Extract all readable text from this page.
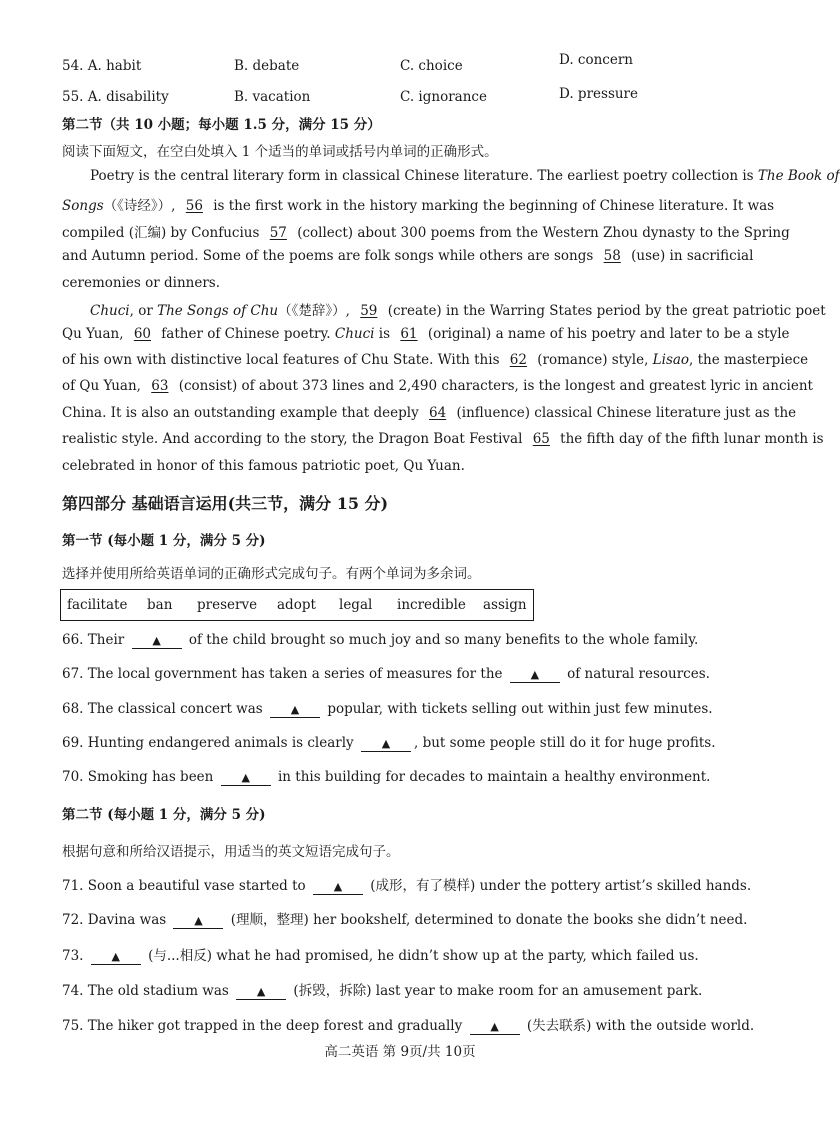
54. A. habit	B. debate	C. choice	D. concern
55. A. disability	B. vacation	C. ignorance	D. pressure
第二节（共 10 小题；每小题 1.5 分，满分 15 分）
阅读下面短文，在空白处填入 1 个适当的单词或括号内单词的正确形式。
Poetry is the central literary form in classical Chinese literature. The earliest poetry collection is The Book of
Songs（《诗经》）, 56 is the first work in the history marking the beginning of Chinese literature. It was
compiled (汇编) by Confucius 57 (collect) about 300 poems from the Western Zhou dynasty to the Spring
and Autumn period. Some of the poems are folk songs while others are songs 58 (use) in sacrificial
ceremonies or dinners.
Chuci, or The Songs of Chu（《楚辞》）, 59 (create) in the Warring States period by the great patriotic poet
Qu Yuan, 60 father of Chinese poetry. Chuci is 61 (original) a name of his poetry and later to be a style
of his own with distinctive local features of Chu State. With this 62 (romance) style, Lisao, the masterpiece
of Qu Yuan, 63 (consist) of about 373 lines and 2,490 characters, is the longest and greatest lyric in ancient
China. It is also an outstanding example that deeply 64 (influence) classical Chinese literature just as the
realistic style. And according to the story, the Dragon Boat Festival 65 the fifth day of the fifth lunar month is
celebrated in honor of this famous patriotic poet, Qu Yuan.
第四部分 基础语言运用(共三节，满分 15 分)
第一节 (每小题 1 分，满分 5 分)
选择并使用所给英语单词的正确形式完成句子。有两个单词为多余词。
facilitate ban preserve adopt legal incredible assign
66. Their	▲ of the child brought so much joy and so many benefits to the whole family.
67. The local government has taken a series of measures for the	▲ of natural resources.
68. The classical concert was	▲ popular, with tickets selling out within just few minutes.
69. Hunting endangered animals is clearly	▲ , but some people still do it for huge profits.
70. Smoking has been	▲ in this building for decades to maintain a healthy environment.
第二节 (每小题 1 分，满分 5 分)
根据句意和所给汉语提示，用适当的英文短语完成句子。
71. Soon a beautiful vase started to	▲ (成形，有了模样) under the pottery artist’s skilled hands.
72. Davina was	▲ (理顺，整理) her bookshelf, determined to donate the books she didn’t need.
73.	▲ (与...相反) what he had promised, he didn’t show up at the party, which failed us.
74. The old stadium was	▲ (拆毁，拆除) last year to make room for an amusement park.
75. The hiker got trapped in the deep forest and gradually	▲ (失去联系) with the outside world.
高二英语 第 9页/共 10页
